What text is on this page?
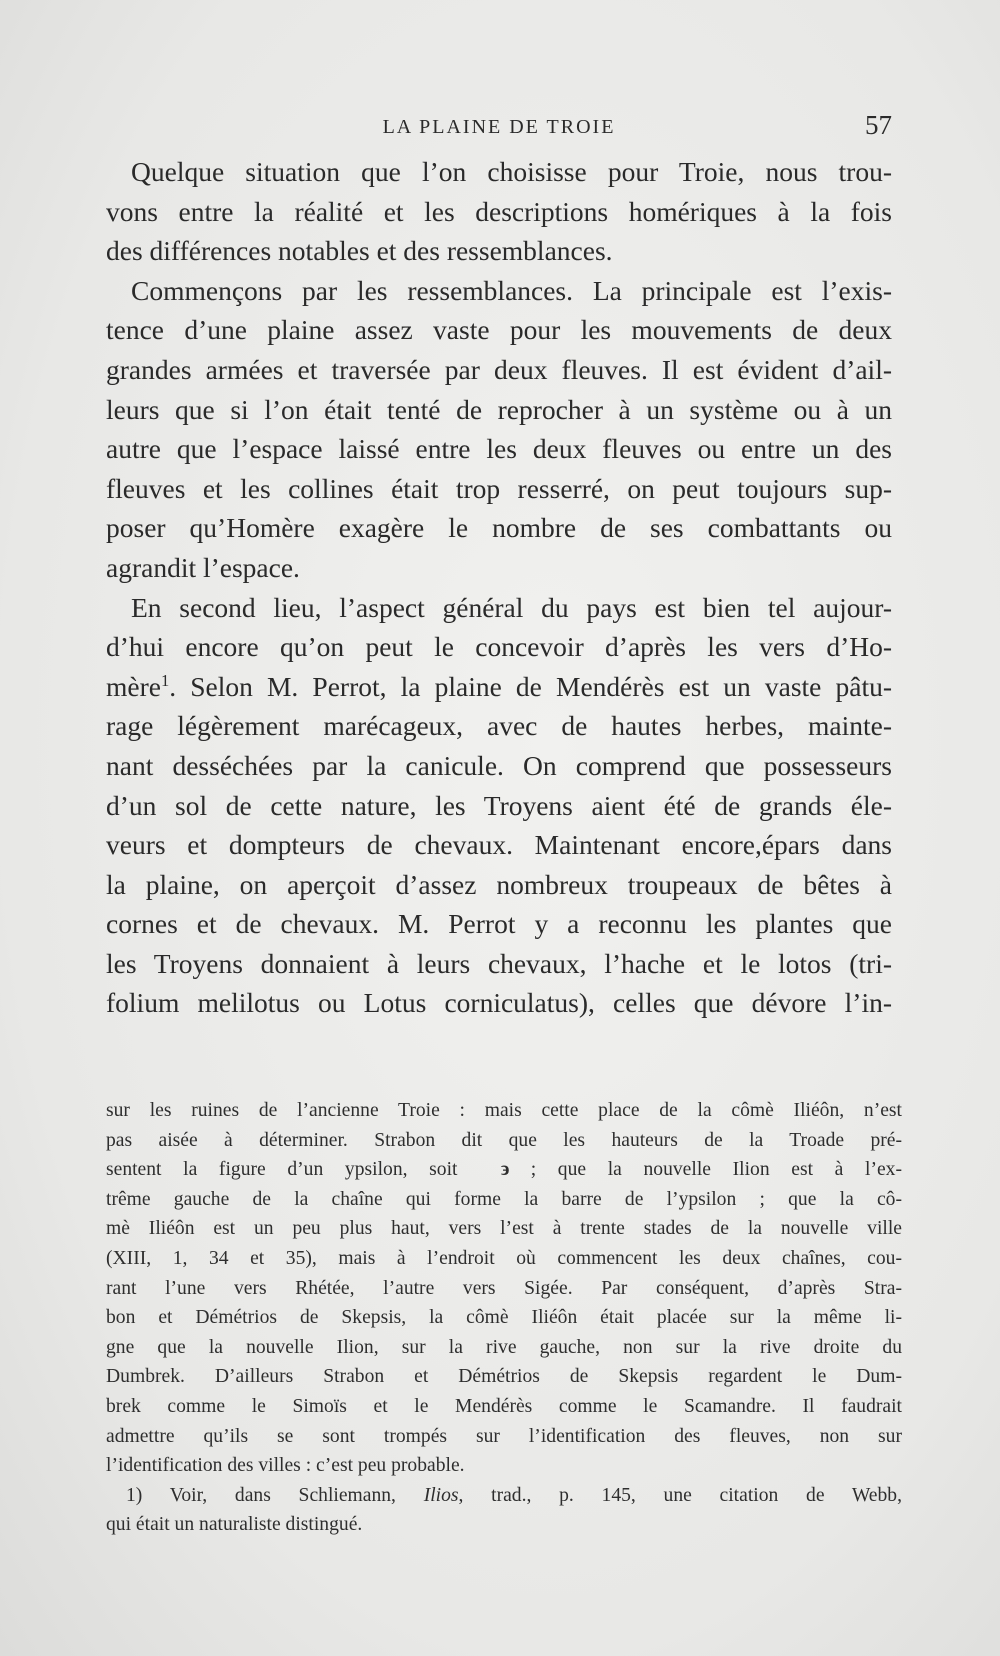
LA PLAINE DE TROIE	57
Quelque situation que l’on choisisse pour Troie, nous trou-
vons entre la réalité et les descriptions homériques à la fois
des différences notables et des ressemblances.
Commençons par les ressemblances. La principale est l’exis-
tence d’une plaine assez vaste pour les mouvements de deux
grandes armées et traversée par deux fleuves. Il est évident d’ail-
leurs que si l’on était tenté de reprocher à un système ou à un
autre que l’espace laissé entre les deux fleuves ou entre un des
fleuves et les collines était trop resserré, on peut toujours sup-
poser qu’Homère exagère le nombre de ses combattants ou
agrandit l’espace.
En second lieu, l’aspect général du pays est bien tel aujour-
d’hui encore qu’on peut le concevoir d’après les vers d’Ho-
mère$^1$. Selon M. Perrot, la plaine de Mendérès est un vaste pâtu-
rage légèrement marécageux, avec de hautes herbes, mainte-
nant desséchées par la canicule. On comprend que possesseurs
d’un sol de cette nature, les Troyens aient été de grands éle-
veurs et dompteurs de chevaux. Maintenant encore,épars dans
la plaine, on aperçoit d’assez nombreux troupeaux de bêtes à
cornes et de chevaux. M. Perrot y a reconnu les plantes que
les Troyens donnaient à leurs chevaux, l’hache et le lotos (tri-
folium melilotus ou Lotus corniculatus), celles que dévore l’in-
sur les ruines de l’ancienne Troie : mais cette place de la cômè Iliéôn, n’est
pas aisée à déterminer. Strabon dit que les hauteurs de la Troade pré-
sentent la figure d’un ypsilon, soit ϵ ; que la nouvelle Ilion est à l’ex-
trême gauche de la chaîne qui forme la barre de l’ypsilon ; que la cô-
mè Iliéôn est un peu plus haut, vers l’est à trente stades de la nouvelle ville
(XIII, 1, 34 et 35), mais à l’endroit où commencent les deux chaînes, cou-
rant l’une vers Rhétée, l’autre vers Sigée. Par conséquent, d’après Stra-
bon et Démétrios de Skepsis, la cômè Iliéôn était placée sur la même li-
gne que la nouvelle Ilion, sur la rive gauche, non sur la rive droite du
Dumbrek. D’ailleurs Strabon et Démétrios de Skepsis regardent le Dum-
brek comme le Simoïs et le Mendérès comme le Scamandre. Il faudrait
admettre qu’ils se sont trompés sur l’identification des fleuves, non sur
l’identification des villes : c’est peu probable.
1) Voir, dans Schliemann, Ilios, trad., p. 145, une citation de Webb,
qui était un naturaliste distingué.
